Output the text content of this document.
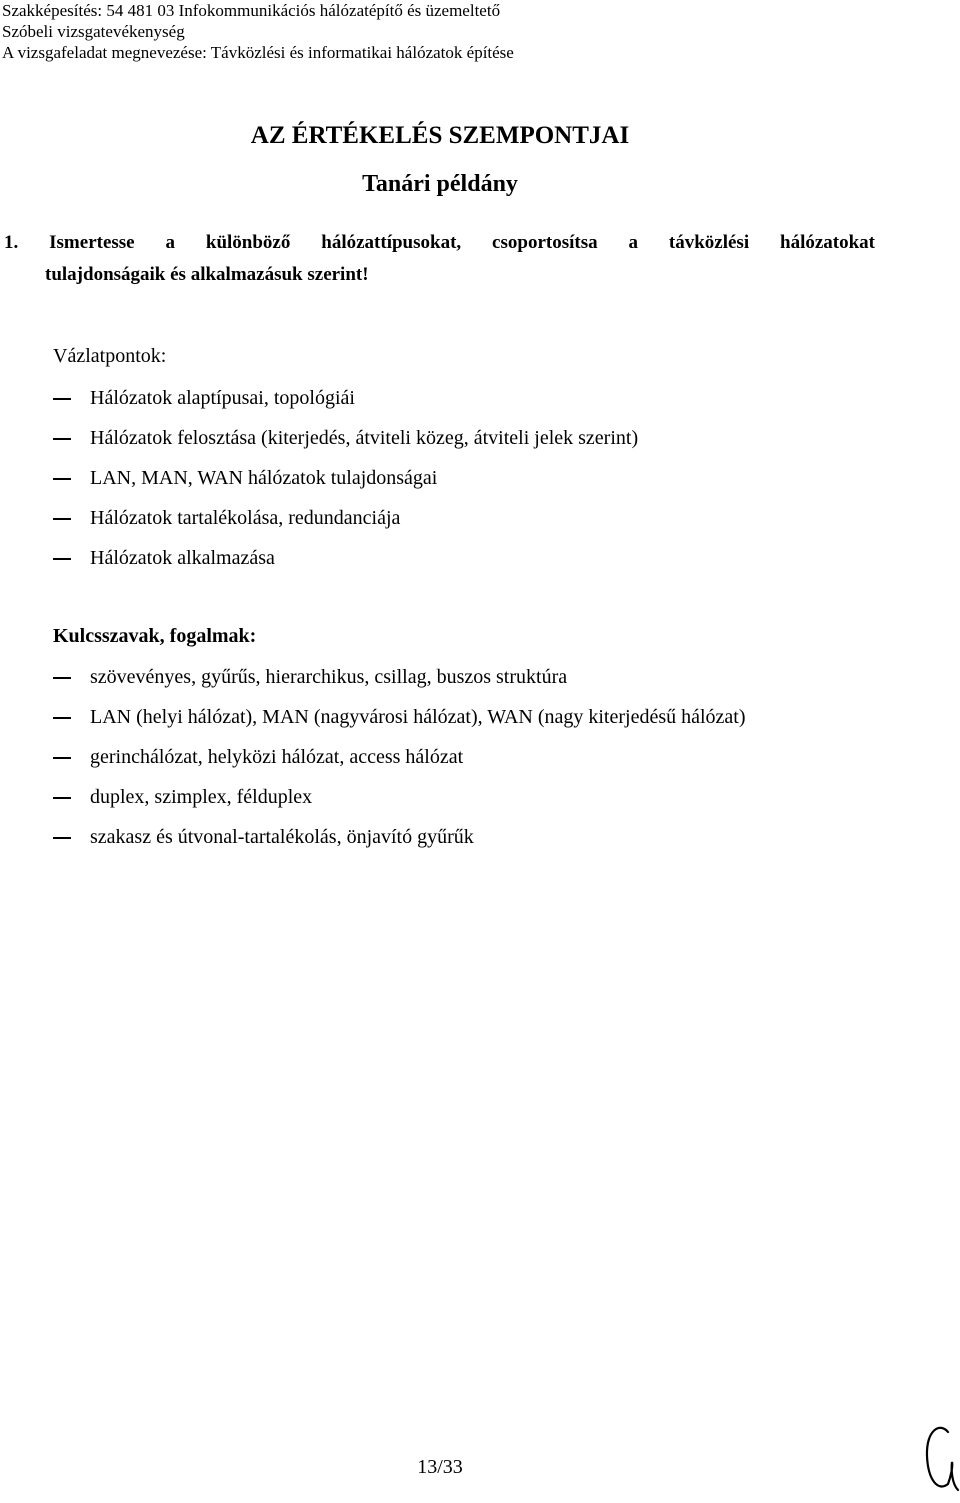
Szakképesítés: 54 481 03 Infokommunikációs hálózatépítő és üzemeltető
Szóbeli vizsgatevékenység
A vizsgafeladat megnevezése: Távközlési és informatikai hálózatok építése
AZ ÉRTÉKELÉS SZEMPONTJAI
Tanári példány
1. Ismertesse a különböző hálózattípusokat, csoportosítsa a távközlési hálózatokat
tulajdonságaik és alkalmazásuk szerint!
Vázlatpontok:
Hálózatok alaptípusai, topológiái
Hálózatok felosztása (kiterjedés, átviteli közeg, átviteli jelek szerint)
LAN, MAN, WAN hálózatok tulajdonságai
Hálózatok tartalékolása, redundanciája
Hálózatok alkalmazása
Kulcsszavak, fogalmak:
szövevényes, gyűrűs, hierarchikus, csillag, buszos struktúra
LAN (helyi hálózat), MAN (nagyvárosi hálózat), WAN (nagy kiterjedésű hálózat)
gerinchálózat, helyközi hálózat, access hálózat
duplex, szimplex, félduplex
szakasz és útvonal-tartalékolás, önjavító gyűrűk
13/33
